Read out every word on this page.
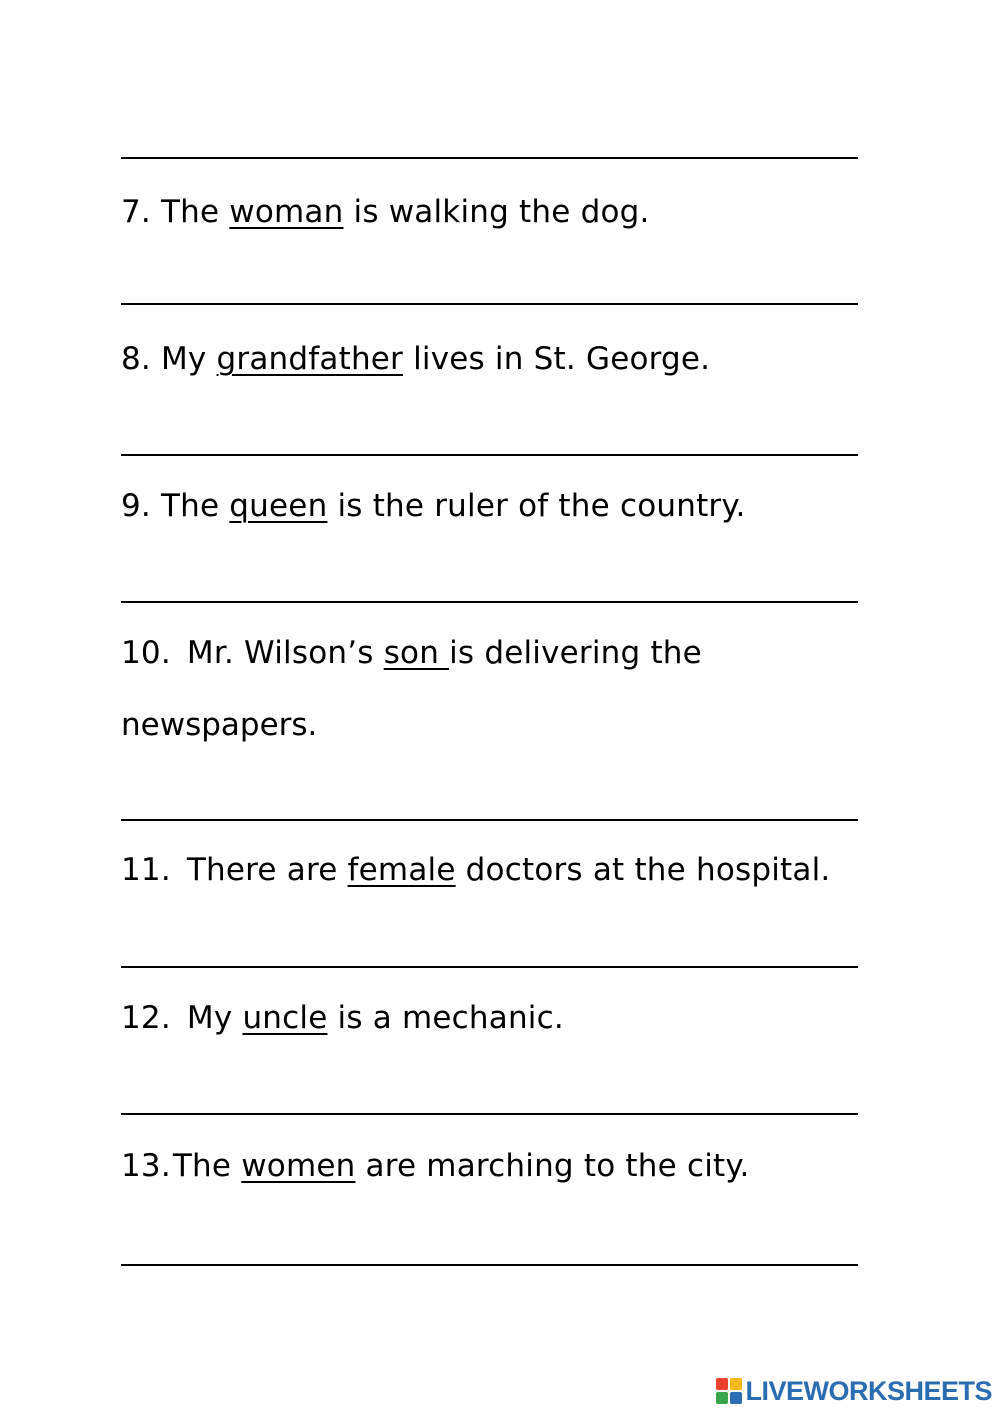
7. The woman is walking the dog.
8. My grandfather lives in St. George.
9. The queen is the ruler of the country.
10. Mr. Wilson’s son is delivering the
newspapers.
11. There are female doctors at the hospital.
12. My uncle is a mechanic.
13.The women are marching to the city.
LIVEWORKSHEETS
